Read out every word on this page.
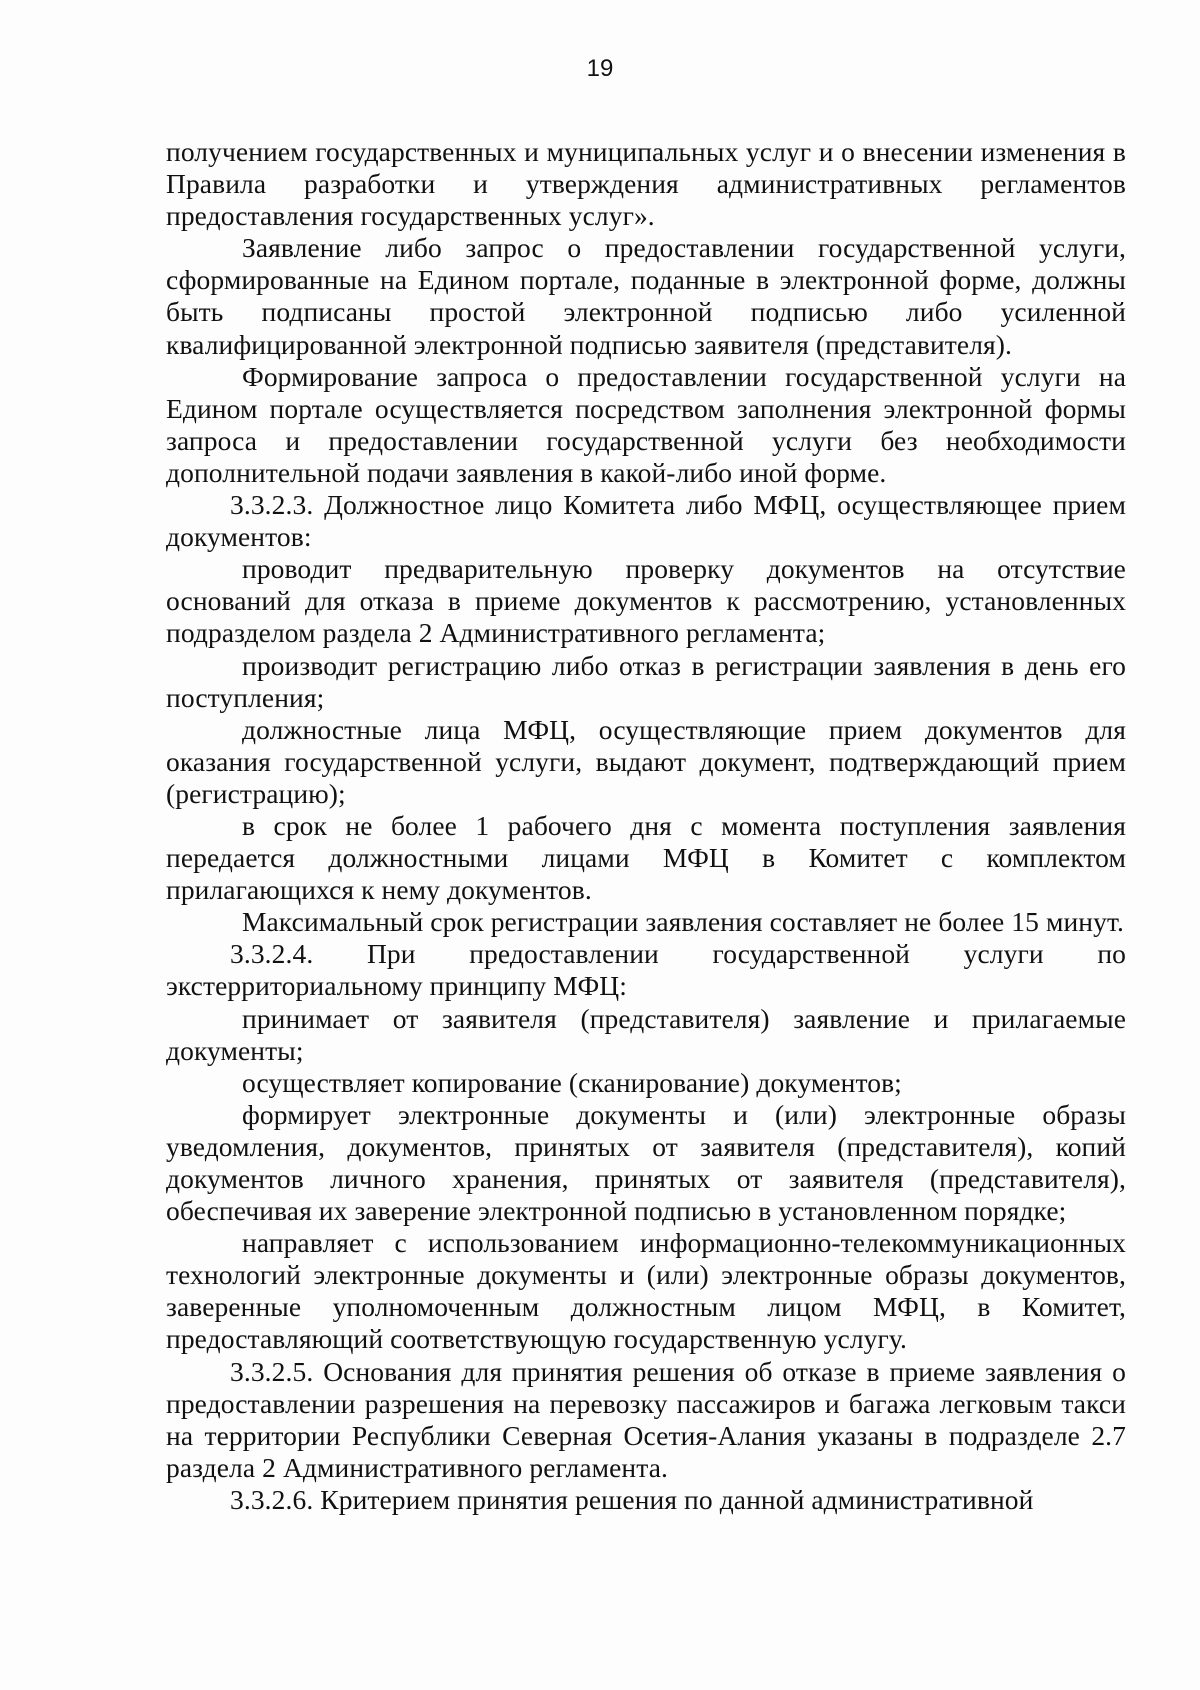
19

получением государственных и муниципальных услуг и о внесении изменения в Правила разработки и утверждения административных регламентов предоставления государственных услуг».

Заявление либо запрос о предоставлении государственной услуги, сформированные на Едином портале, поданные в электронной форме, должны быть подписаны простой электронной подписью либо усиленной квалифицированной электронной подписью заявителя (представителя).

Формирование запроса о предоставлении государственной услуги на Едином портале осуществляется посредством заполнения электронной формы запроса и предоставлении государственной услуги без необходимости дополнительной подачи заявления в какой-либо иной форме.

3.3.2.3. Должностное лицо Комитета либо МФЦ, осуществляющее прием документов:

проводит предварительную проверку документов на отсутствие оснований для отказа в приеме документов к рассмотрению, установленных подразделом раздела 2 Административного регламента;

производит регистрацию либо отказ в регистрации заявления в день его поступления;

должностные лица МФЦ, осуществляющие прием документов для оказания государственной услуги, выдают документ, подтверждающий прием (регистрацию);

в срок не более 1 рабочего дня с момента поступления заявления передается должностными лицами МФЦ в Комитет с комплектом прилагающихся к нему документов.

Максимальный срок регистрации заявления составляет не более 15 минут.

3.3.2.4. При предоставлении государственной услуги по экстерриториальному принципу МФЦ:

принимает от заявителя (представителя) заявление и прилагаемые документы;

осуществляет копирование (сканирование) документов;

формирует электронные документы и (или) электронные образы уведомления, документов, принятых от заявителя (представителя), копий документов личного хранения, принятых от заявителя (представителя), обеспечивая их заверение электронной подписью в установленном порядке;

направляет с использованием информационно-телекоммуникационных технологий электронные документы и (или) электронные образы документов, заверенные уполномоченным должностным лицом МФЦ, в Комитет, предоставляющий соответствующую государственную услугу.

3.3.2.5. Основания для принятия решения об отказе в приеме заявления о предоставлении разрешения на перевозку пассажиров и багажа легковым такси на территории Республики Северная Осетия-Алания указаны в подразделе 2.7 раздела 2 Административного регламента.

3.3.2.6. Критерием принятия решения по данной административной
